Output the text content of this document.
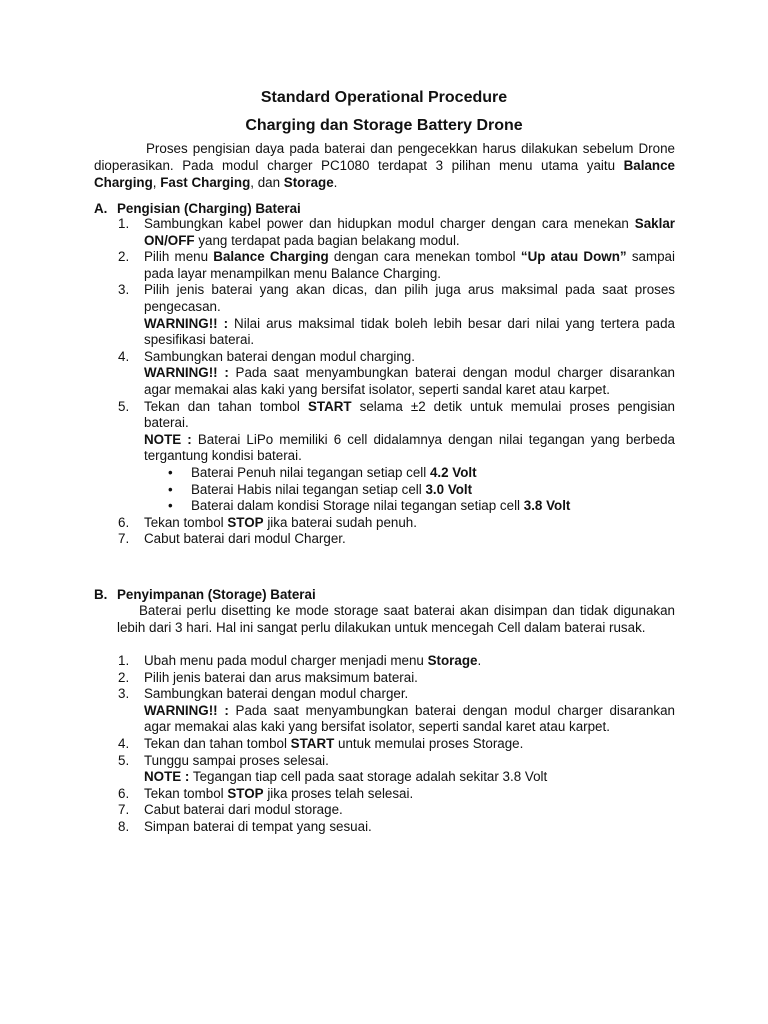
Standard Operational Procedure
Charging dan Storage Battery Drone
Proses pengisian daya pada baterai dan pengecekkan harus dilakukan sebelum Drone dioperasikan. Pada modul charger PC1080 terdapat 3 pilihan menu utama yaitu Balance Charging, Fast Charging, dan Storage.
A. Pengisian (Charging) Baterai
1. Sambungkan kabel power dan hidupkan modul charger dengan cara menekan Saklar ON/OFF yang terdapat pada bagian belakang modul.
2. Pilih menu Balance Charging dengan cara menekan tombol “Up atau Down” sampai pada layar menampilkan menu Balance Charging.
3. Pilih jenis baterai yang akan dicas, dan pilih juga arus maksimal pada saat proses pengecasan.
WARNING!! : Nilai arus maksimal tidak boleh lebih besar dari nilai yang tertera pada spesifikasi baterai.
4. Sambungkan baterai dengan modul charging.
WARNING!! : Pada saat menyambungkan baterai dengan modul charger disarankan agar memakai alas kaki yang bersifat isolator, seperti sandal karet atau karpet.
5. Tekan dan tahan tombol START selama ±2 detik untuk memulai proses pengisian baterai.
NOTE : Baterai LiPo memiliki 6 cell didalamnya dengan nilai tegangan yang berbeda tergantung kondisi baterai.
• Baterai Penuh nilai tegangan setiap cell 4.2 Volt
• Baterai Habis nilai tegangan setiap cell 3.0 Volt
• Baterai dalam kondisi Storage nilai tegangan setiap cell 3.8 Volt
6. Tekan tombol STOP jika baterai sudah penuh.
7. Cabut baterai dari modul Charger.
B. Penyimpanan (Storage) Baterai
Baterai perlu disetting ke mode storage saat baterai akan disimpan dan tidak digunakan lebih dari 3 hari. Hal ini sangat perlu dilakukan untuk mencegah Cell dalam baterai rusak.
1. Ubah menu pada modul charger menjadi menu Storage.
2. Pilih jenis baterai dan arus maksimum baterai.
3. Sambungkan baterai dengan modul charger.
WARNING!! : Pada saat menyambungkan baterai dengan modul charger disarankan agar memakai alas kaki yang bersifat isolator, seperti sandal karet atau karpet.
4. Tekan dan tahan tombol START untuk memulai proses Storage.
5. Tunggu sampai proses selesai.
NOTE : Tegangan tiap cell pada saat storage adalah sekitar 3.8 Volt
6. Tekan tombol STOP jika proses telah selesai.
7. Cabut baterai dari modul storage.
8. Simpan baterai di tempat yang sesuai.
